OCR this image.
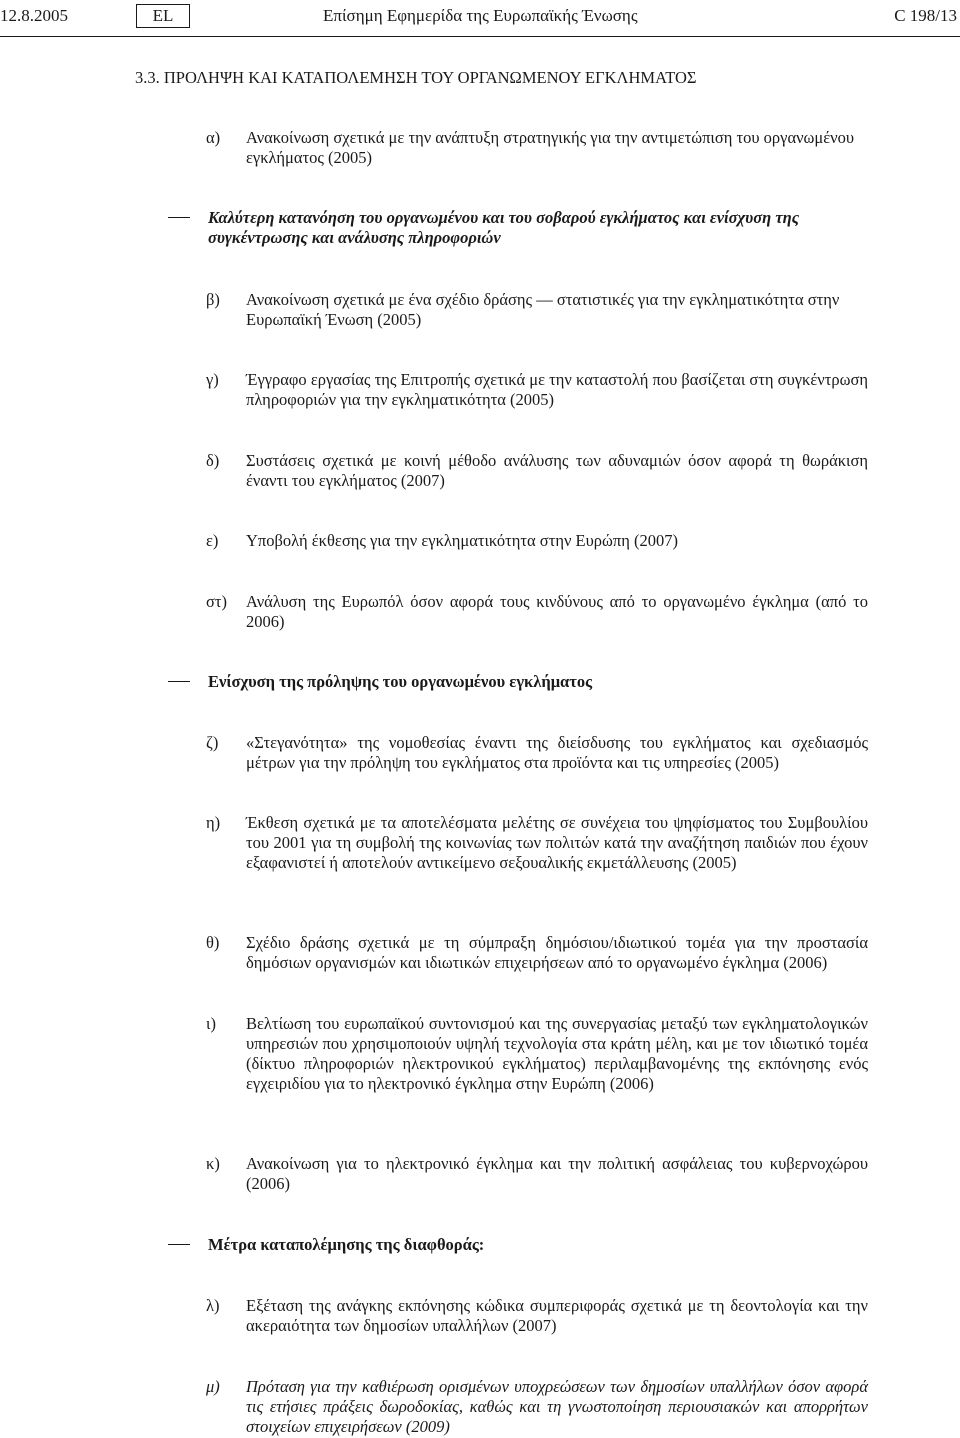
12.8.2005	EL	Επίσημη Εφημερίδα της Ευρωπαϊκής Ένωσης	C 198/13
3.3. ΠΡΟΛΗΨΗ ΚΑΙ ΚΑΤΑΠΟΛΕΜΗΣΗ ΤΟΥ ΟΡΓΑΝΩΜΕΝΟΥ ΕΓΚΛΗΜΑΤΟΣ
α) Ανακοίνωση σχετικά με την ανάπτυξη στρατηγικής για την αντιμετώπιση του οργανωμένου εγκλήματος (2005)
Καλύτερη κατανόηση του οργανωμένου και του σοβαρού εγκλήματος και ενίσχυση της συγκέντρωσης και ανάλυσης πληροφοριών
β) Ανακοίνωση σχετικά με ένα σχέδιο δράσης — στατιστικές για την εγκληματικότητα στην Ευρωπαϊκή Ένωση (2005)
γ) Έγγραφο εργασίας της Επιτροπής σχετικά με την καταστολή που βασίζεται στη συγκέντρωση πληροφοριών για την εγκληματικότητα (2005)
δ) Συστάσεις σχετικά με κοινή μέθοδο ανάλυσης των αδυναμιών όσον αφορά τη θωράκιση έναντι του εγκλήματος (2007)
ε) Υποβολή έκθεσης για την εγκληματικότητα στην Ευρώπη (2007)
στ) Ανάλυση της Ευρωπόλ όσον αφορά τους κινδύνους από το οργανωμένο έγκλημα (από το 2006)
Ενίσχυση της πρόληψης του οργανωμένου εγκλήματος
ζ) «Στεγανότητα» της νομοθεσίας έναντι της διείσδυσης του εγκλήματος και σχεδιασμός μέτρων για την πρόληψη του εγκλήματος στα προϊόντα και τις υπηρεσίες (2005)
η) Έκθεση σχετικά με τα αποτελέσματα μελέτης σε συνέχεια του ψηφίσματος του Συμβουλίου του 2001 για τη συμβολή της κοινωνίας των πολιτών κατά την αναζήτηση παιδιών που έχουν εξαφανιστεί ή αποτελούν αντικείμενο σεξουαλικής εκμετάλλευσης (2005)
θ) Σχέδιο δράσης σχετικά με τη σύμπραξη δημόσιου/ιδιωτικού τομέα για την προστασία δημόσιων οργανισμών και ιδιωτικών επιχειρήσεων από το οργανωμένο έγκλημα (2006)
ι) Βελτίωση του ευρωπαϊκού συντονισμού και της συνεργασίας μεταξύ των εγκληματολογικών υπηρεσιών που χρησιμοποιούν υψηλή τεχνολογία στα κράτη μέλη, και με τον ιδιωτικό τομέα (δίκτυο πληροφοριών ηλεκτρονικού εγκλήματος) περιλαμβανομένης της εκπόνησης ενός εγχειριδίου για το ηλεκτρονικό έγκλημα στην Ευρώπη (2006)
κ) Ανακοίνωση για το ηλεκτρονικό έγκλημα και την πολιτική ασφάλειας του κυβερνοχώρου (2006)
Μέτρα καταπολέμησης της διαφθοράς:
λ) Εξέταση της ανάγκης εκπόνησης κώδικα συμπεριφοράς σχετικά με τη δεοντολογία και την ακεραιότητα των δημοσίων υπαλλήλων (2007)
μ) Πρόταση για την καθιέρωση ορισμένων υποχρεώσεων των δημοσίων υπαλλήλων όσον αφορά τις ετήσιες πράξεις δωροδοκίας, καθώς και τη γνωστοποίηση περιουσιακών και απορρήτων στοιχείων επιχειρήσεων (2009)
